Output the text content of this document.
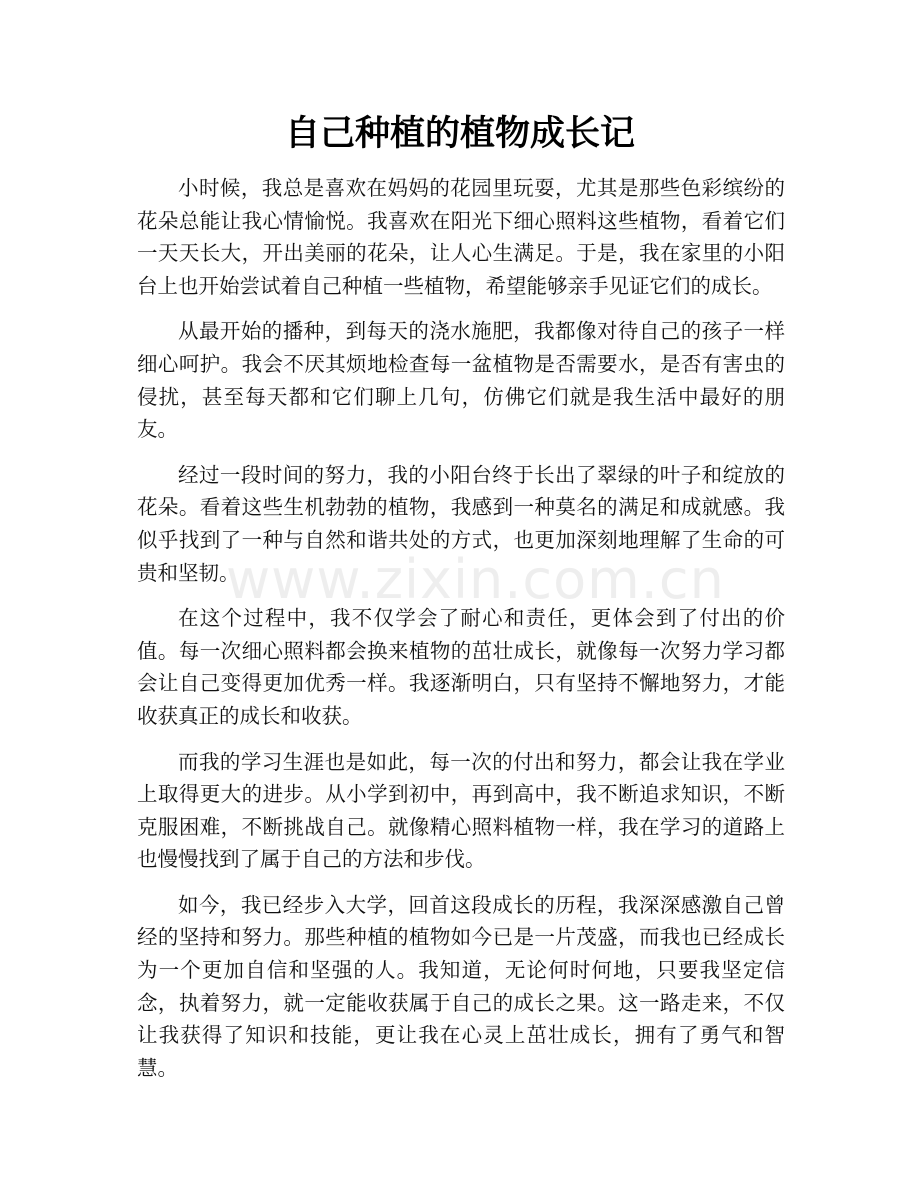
自己种植的植物成长记

小时候，我总是喜欢在妈妈的花园里玩耍，尤其是那些色彩缤纷的花朵总能让我心情愉悦。我喜欢在阳光下细心照料这些植物，看着它们一天天长大，开出美丽的花朵，让人心生满足。于是，我在家里的小阳台上也开始尝试着自己种植一些植物，希望能够亲手见证它们的成长。

从最开始的播种，到每天的浇水施肥，我都像对待自己的孩子一样细心呵护。我会不厌其烦地检查每一盆植物是否需要水，是否有害虫的侵扰，甚至每天都和它们聊上几句，仿佛它们就是我生活中最好的朋友。

经过一段时间的努力，我的小阳台终于长出了翠绿的叶子和绽放的花朵。看着这些生机勃勃的植物，我感到一种莫名的满足和成就感。我似乎找到了一种与自然和谐共处的方式，也更加深刻地理解了生命的可贵和坚韧。

在这个过程中，我不仅学会了耐心和责任，更体会到了付出的价值。每一次细心照料都会换来植物的茁壮成长，就像每一次努力学习都会让自己变得更加优秀一样。我逐渐明白，只有坚持不懈地努力，才能收获真正的成长和收获。

而我的学习生涯也是如此，每一次的付出和努力，都会让我在学业上取得更大的进步。从小学到初中，再到高中，我不断追求知识，不断克服困难，不断挑战自己。就像精心照料植物一样，我在学习的道路上也慢慢找到了属于自己的方法和步伐。

如今，我已经步入大学，回首这段成长的历程，我深深感激自己曾经的坚持和努力。那些种植的植物如今已是一片茂盛，而我也已经成长为一个更加自信和坚强的人。我知道，无论何时何地，只要我坚定信念，执着努力，就一定能收获属于自己的成长之果。这一路走来，不仅让我获得了知识和技能，更让我在心灵上茁壮成长，拥有了勇气和智慧。

www.zixin.com.cn
